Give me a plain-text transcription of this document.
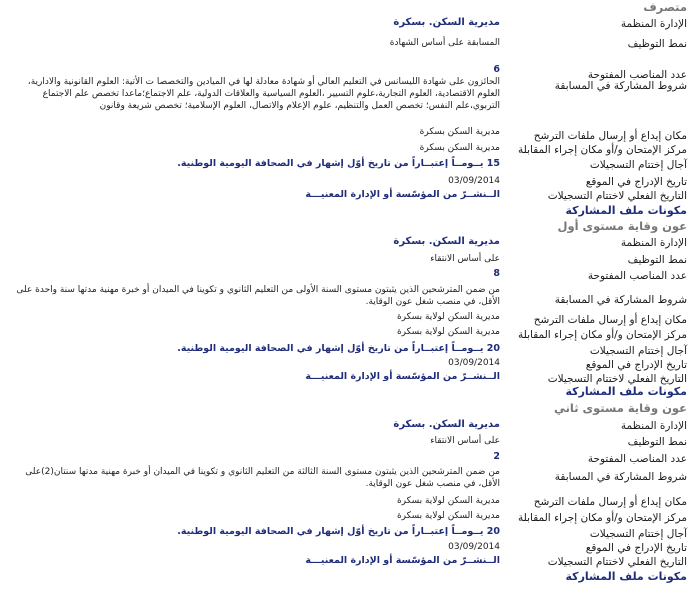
متصرف
الإدارة المنظمة
مديرية السكن. بسكرة
نمط التوظيف
المسابقة على أساس الشهادة
عدد المناصب المفتوحة
6
شروط المشاركة في المسابقة
الحائزون على شهادة الليسانس في التعليم العالي أو شهادة معادلة لها في الميادين والتخصصا ت الأتية: العلوم القانونية والادارية، العلوم الاقتصادية، العلوم التجارية،علوم التسيير ،العلوم السياسية والعلاقات الدولية، علم الاجتماع؛ماعدا تخصص علم الاجتماع التربوي،علم النفس؛ تخصص العمل والتنظيم، علوم الإعلام والاتصال، العلوم الإسلامية؛ تخصص شريعة وقانون
مكان إيداع أو إرسال ملفات الترشح
مديرية السكن بسكرة
مركز الإمتحان و/أو مكان إجراء المقابلة
مديرية السكن بسكرة
آجال إختتام التسجيلات
15 يــومــاً إعتبــاراً من تاريخ أوّل إشهار في الصحافة اليومية الوطنية.
تاريخ الإدراج في الموقع
03/09/2014
التاريخ الفعلي لاختتام التسجيلات
الــنشــرّ من المؤسّسة أو الإدارة المعنيـــة
مكونات ملف المشاركة
عون وقاية مستوى أول
الإدارة المنظمة
مديرية السكن. بسكرة
نمط التوظيف
على أساس الانتقاء
عدد المناصب المفتوحة
8
شروط المشاركة في المسابقة
من ضمن المترشحين الذين يثبتون مستوى السنة الأولى من التعليم الثانوي و تكوينا في الميدان أو خبرة مهنية مدتها سنة واحدة على الأقل، في منصب شغل عون الوقاية.
مكان إيداع أو إرسال ملفات الترشح
مديرية السكن لولاية بسكرة
مركز الإمتحان و/أو مكان إجراء المقابلة
مديرية السكن لولاية بسكرة
آجال إختتام التسجيلات
20 يــومــاً إعتبــاراً من تاريخ أوّل إشهار في الصحافة اليومية الوطنية.
تاريخ الإدراج في الموقع
03/09/2014
التاريخ الفعلي لاختتام التسجيلات
الــنشــرّ من المؤسّسة أو الإدارة المعنيـــة
مكونات ملف المشاركة
عون وقاية مستوى ثاني
الإدارة المنظمة
مديرية السكن. بسكرة
نمط التوظيف
على أساس الانتقاء
عدد المناصب المفتوحة
2
شروط المشاركة في المسابقة
من ضمن المترشحين الذين يثبتون مستوى السنة الثالثة من التعليم الثانوي و تكوينا في الميدان أو خبرة مهنية مدتها سنتان(2)على الأقل، في منصب شغل عون الوقاية.
مكان إيداع أو إرسال ملفات الترشح
مديرية السكن لولاية بسكرة
مركز الإمتحان و/أو مكان إجراء المقابلة
مديرية السكن لولاية بسكرة
آجال إختتام التسجيلات
20 يــومــاً إعتبــاراً من تاريخ أوّل إشهار في الصحافة اليومية الوطنية.
تاريخ الإدراج في الموقع
03/09/2014
التاريخ الفعلي لاختتام التسجيلات
الــنشــرّ من المؤسّسة أو الإدارة المعنيـــة
مكونات ملف المشاركة
